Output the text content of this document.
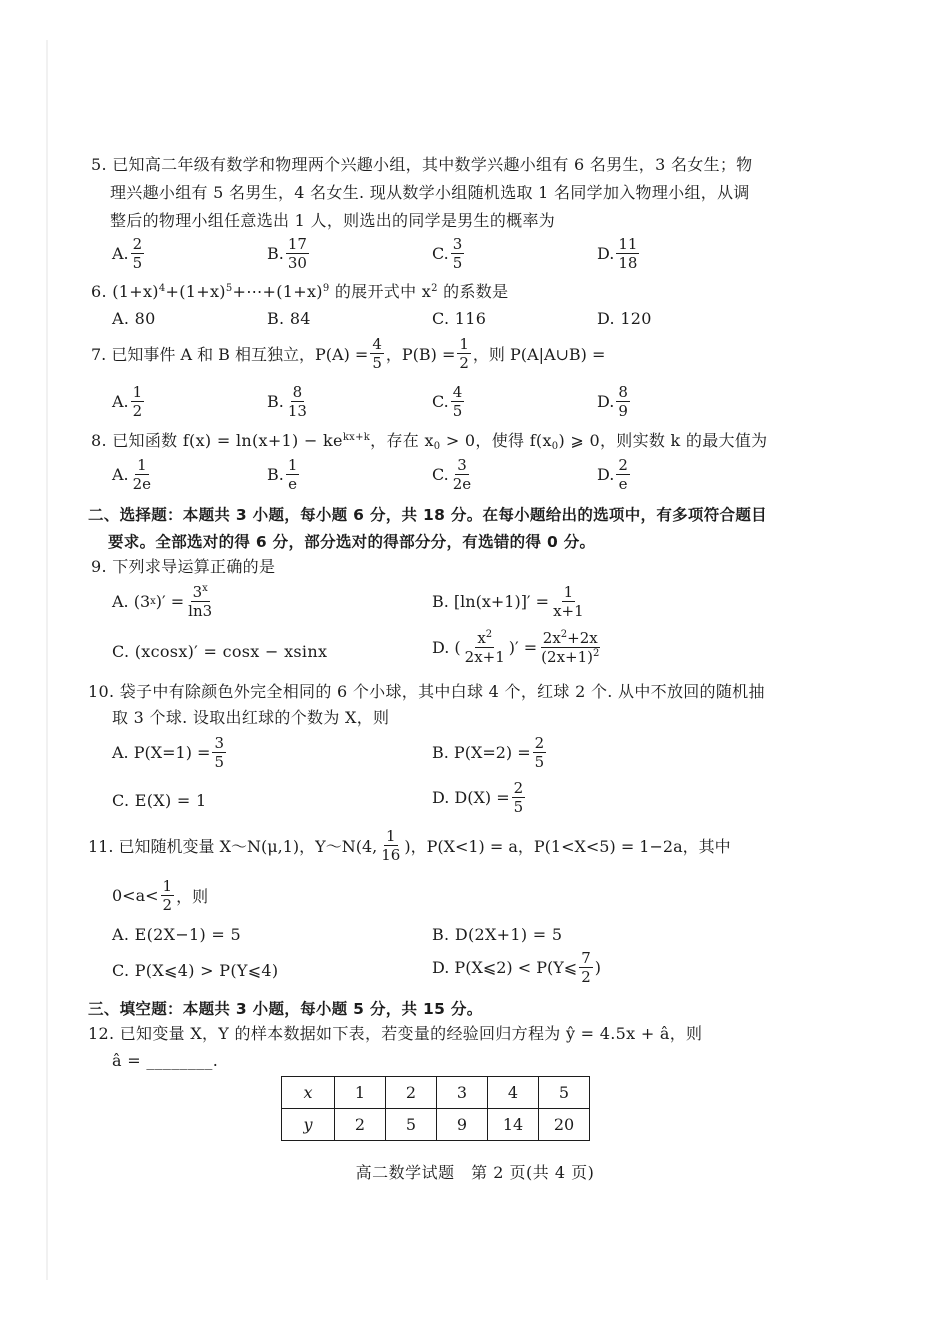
5. 已知高二年级有数学和物理两个兴趣小组，其中数学兴趣小组有 6 名男生，3 名女生；物
理兴趣小组有 5 名男生，4 名女生. 现从数学小组随机选取 1 名同学加入物理小组，从调
整后的物理小组任意选出 1 人，则选出的同学是男生的概率为
A. $\frac{2}{5}$	B. $\frac{17}{30}$	C. $\frac{3}{5}$	D. $\frac{11}{18}$
6. $(1+x)^4+(1+x)^5+\cdots+(1+x)^9$ 的展开式中 $x^2$ 的系数是
A. 80	B. 84	C. 116	D. 120
7. 已知事件 A 和 B 相互独立，$P(A) = \frac{4}{5}$ ，$P(B) = \frac{1}{2}$ ，则 P(A|A∪B) =
A. $\frac{1}{2}$	B. $\frac{8}{13}$	C. $\frac{4}{5}$	D. $\frac{8}{9}$
8. 已知函数 $f(x) = \ln(x+1) - ke^{kx+k}$，存在 $x_0 > 0$，使得 $f(x_0)$ ⩾ 0，则实数 k 的最大值为
A. $\frac{1}{2e}$	B. $\frac{1}{e}$	C. $\frac{3}{2e}$	D. $\frac{2}{e}$
二、选择题：本题共 3 小题，每小题 6 分，共 18 分。在每小题给出的选项中，有多项符合题目
要求。全部选对的得 6 分，部分选对的得部分分，有选错的得 0 分。
9. 下列求导运算正确的是
A. (3 x )′ = $\frac{3^x}{\ln 3}$	B. $[\ln(x+1)]' = \frac{1}{x+1}$
C. (xcosx)′ = cosx − xsinx	D. ( $\frac{x^2}{2x+1}$ )′ = $\frac{2x^2+2x}{(2x+1)^2}$
10. 袋子中有除颜色外完全相同的 6 个小球，其中白球 4 个，红球 2 个. 从中不放回的随机抽
取 3 个球. 设取出红球的个数为 X，则
A. $P(X=1) = \frac{3}{5}$	B. $P(X=2) = \frac{2}{5}$
C. E(X) = 1	D. $D(X) = \frac{2}{5}$
11. 已知随机变量 X～N(μ,1)，Y～N(4, $\frac{1}{16}$ )，P(X<1) = a，P(1<X<5) = 1−2a，其中
$0<a< \frac{1}{2}$ ，则
A. E(2X−1) = 5	B. D(2X+1) = 5
C. P(X⩽4) > P(Y⩽4)	D. P(X⩽2) < P(Y⩽ $\frac{7}{2}$ )
三、填空题：本题共 3 小题，每小题 5 分，共 15 分。
12. 已知变量 X，Y 的样本数据如下表，若变量的经验回归方程为 ŷ = 4.5x + â，则
â = ________.
x	1	2	3	4	5
y	2	5	9	14	20
高二数学试题　第 2 页(共 4 页)
